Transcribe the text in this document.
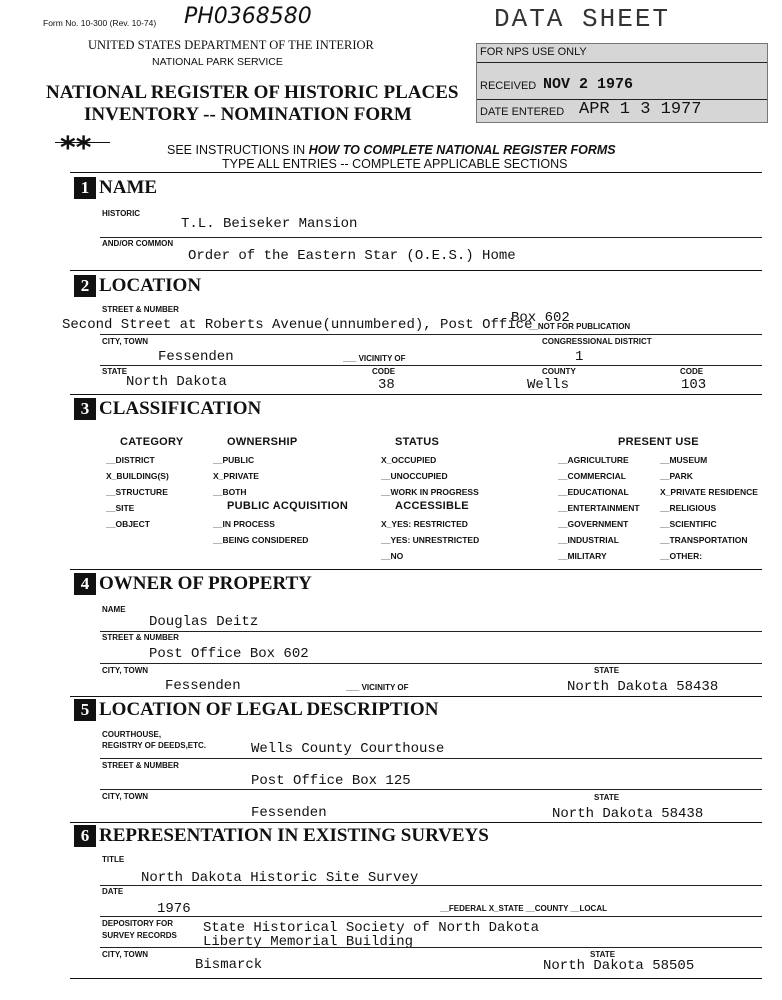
Form No. 10-300 (Rev. 10-74) PH0368580	DATA SHEET
UNITED STATES DEPARTMENT OF THE INTERIOR
NATIONAL PARK SERVICE
NATIONAL REGISTER OF HISTORIC PLACES
INVENTORY -- NOMINATION FORM
FOR NPS USE ONLY
RECEIVED NOV 2 1976
DATE ENTERED APR 1 3 1977
**	SEE INSTRUCTIONS IN HOW TO COMPLETE NATIONAL REGISTER FORMS
TYPE ALL ENTRIES -- COMPLETE APPLICABLE SECTIONS
1 NAME
HISTORIC
T.L. Beiseker Mansion
AND/OR COMMON
Order of the Eastern Star (O.E.S.) Home
2 LOCATION
STREET & NUMBER
Second Street at Roberts Avenue(unnumbered), Post Office
Box 602
__NOT FOR PUBLICATION
CITY, TOWN	CONGRESSIONAL DISTRICT
Fessenden	___ VICINITY OF	1
STATE	CODE	COUNTY	CODE
North Dakota	38	Wells	103
3 CLASSIFICATION
CATEGORY
__DISTRICT
X_BUILDING(S)
__STRUCTURE
__SITE
__OBJECT
OWNERSHIP
__PUBLIC
X_PRIVATE
__BOTH
PUBLIC ACQUISITION
__IN PROCESS
__BEING CONSIDERED
STATUS
X_OCCUPIED
__UNOCCUPIED
__WORK IN PROGRESS
ACCESSIBLE
X_YES: RESTRICTED
__YES: UNRESTRICTED
__NO
PRESENT USE
__AGRICULTURE
__COMMERCIAL
__EDUCATIONAL
__ENTERTAINMENT
__GOVERNMENT
__INDUSTRIAL
__MILITARY
__MUSEUM
__PARK
X_PRIVATE RESIDENCE
__RELIGIOUS
__SCIENTIFIC
__TRANSPORTATION
__OTHER:
4 OWNER OF PROPERTY
NAME
Douglas Deitz
STREET & NUMBER
Post Office Box 602
CITY, TOWN	STATE
Fessenden	___ VICINITY OF	North Dakota 58438
5 LOCATION OF LEGAL DESCRIPTION
COURTHOUSE,
REGISTRY OF DEEDS,ETC.	Wells County Courthouse
STREET & NUMBER
Post Office Box 125
CITY, TOWN	STATE
Fessenden	North Dakota 58438
6 REPRESENTATION IN EXISTING SURVEYS
TITLE
North Dakota Historic Site Survey
DATE
1976	__FEDERAL X_STATE __COUNTY __LOCAL
DEPOSITORY FOR
SURVEY RECORDS State Historical Society of North Dakota
Liberty Memorial Building
CITY, TOWN	STATE
Bismarck	North Dakota 58505
